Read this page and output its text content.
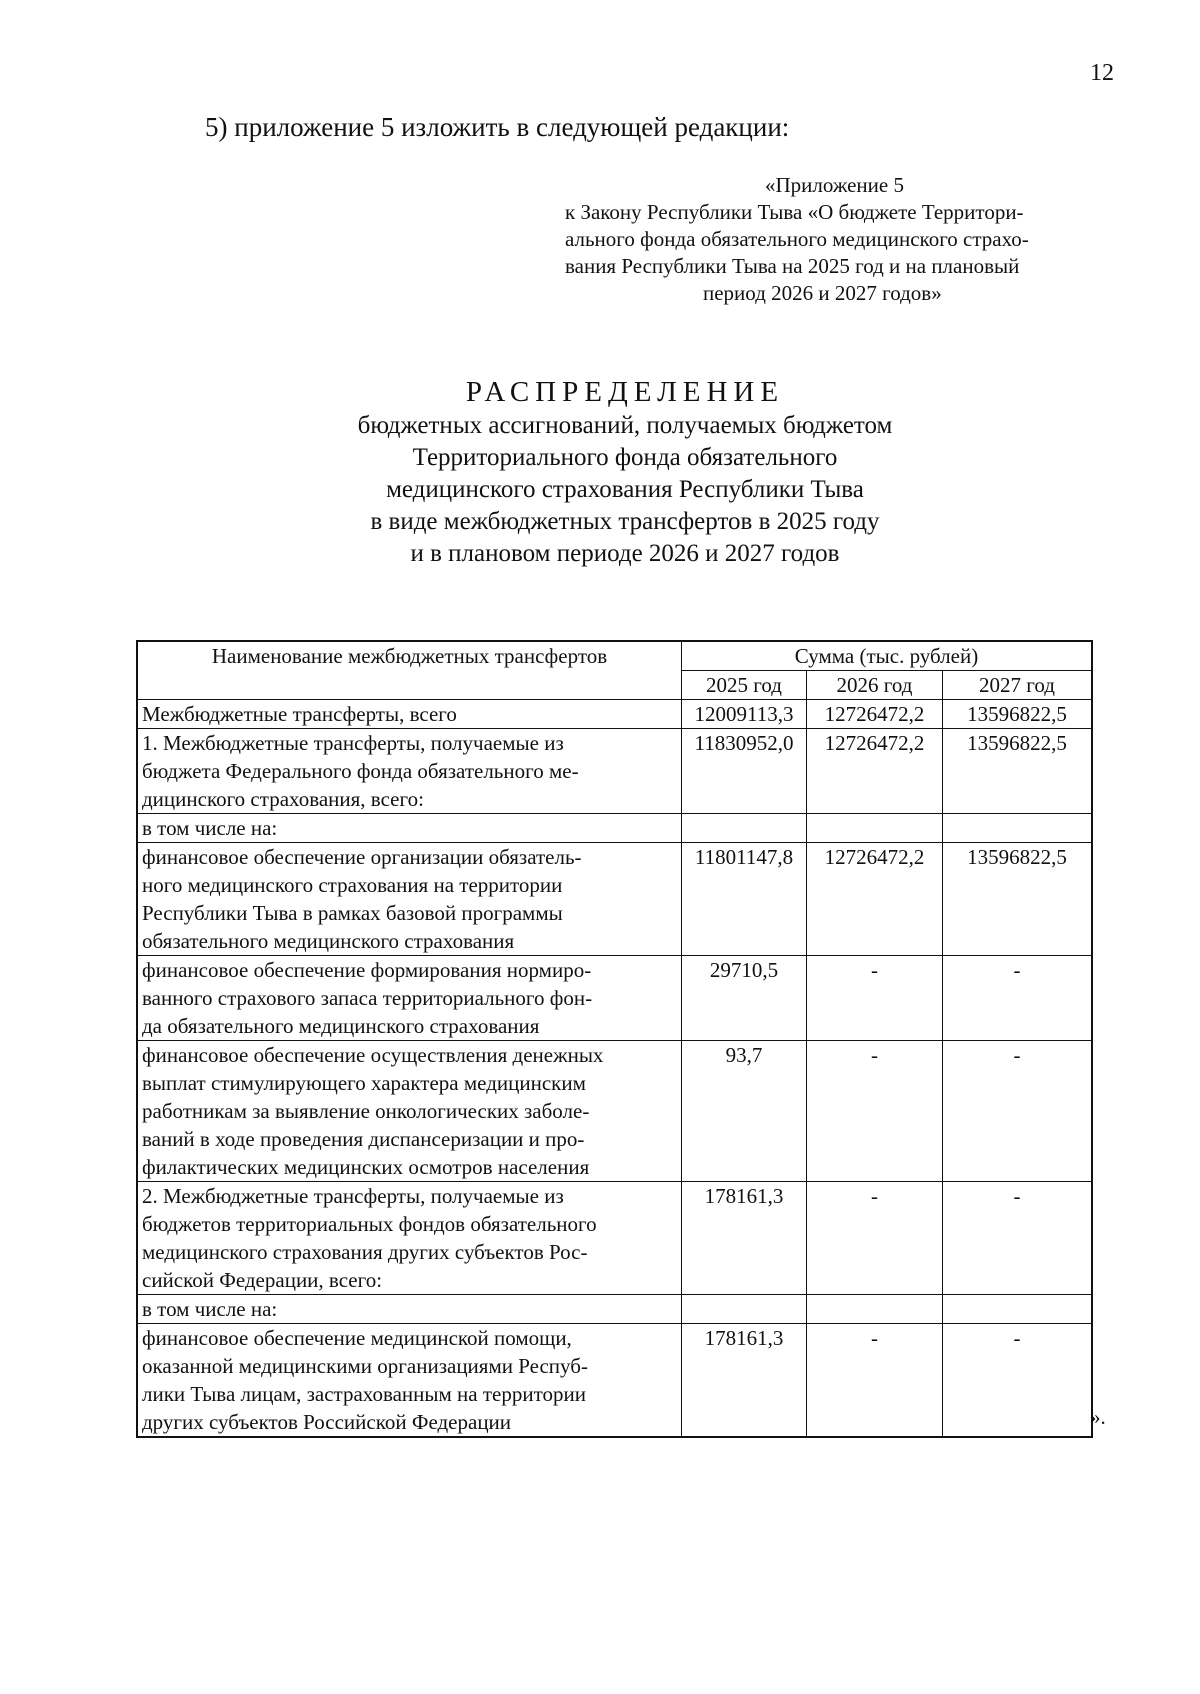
12
5) приложение 5 изложить в следующей редакции:
«Приложение 5
к Закону Республики Тыва «О бюджете Территори-
ального фонда обязательного медицинского страхо-
вания Республики Тыва на 2025 год и на плановый
период 2026 и 2027 годов»
РАСПРЕДЕЛЕНИЕ
бюджетных ассигнований, получаемых бюджетом
Территориального фонда обязательного
медицинского страхования Республики Тыва
в виде межбюджетных трансфертов в 2025 году
и в плановом периоде 2026 и 2027 годов
Наименование межбюджетных трансфертов	Сумма (тыс. рублей)		
	2025 год	2026 год	2027 год

Межбюджетные трансферты, всего	12009113,3	12726472,2	13596822,5

1. Межбюджетные трансферты, получаемые из
бюджета Федерального фонда обязательного ме-
дицинского страхования, всего:	11830952,0	12726472,2	13596822,5

в том числе на:			

финансовое обеспечение организации обязатель-
ного медицинского страхования на территории
Республики Тыва в рамках базовой программы
обязательного медицинского страхования	11801147,8	12726472,2	13596822,5

финансовое обеспечение формирования нормиро-
ванного страхового запаса территориального фон-
да обязательного медицинского страхования	29710,5	-	-

финансовое обеспечение осуществления денежных
выплат стимулирующего характера медицинским
работникам за выявление онкологических заболе-
ваний в ходе проведения диспансеризации и про-
филактических медицинских осмотров населения	93,7	-	-

2. Межбюджетные трансферты, получаемые из
бюджетов территориальных фондов обязательного
медицинского страхования других субъектов Рос-
сийской Федерации, всего:	178161,3	-	-

в том числе на:			

финансовое обеспечение медицинской помощи,
оказанной медицинскими организациями Респуб-
лики Тыва лицам, застрахованным на территории
других субъектов Российской Федерации	178161,3	-	-
».
